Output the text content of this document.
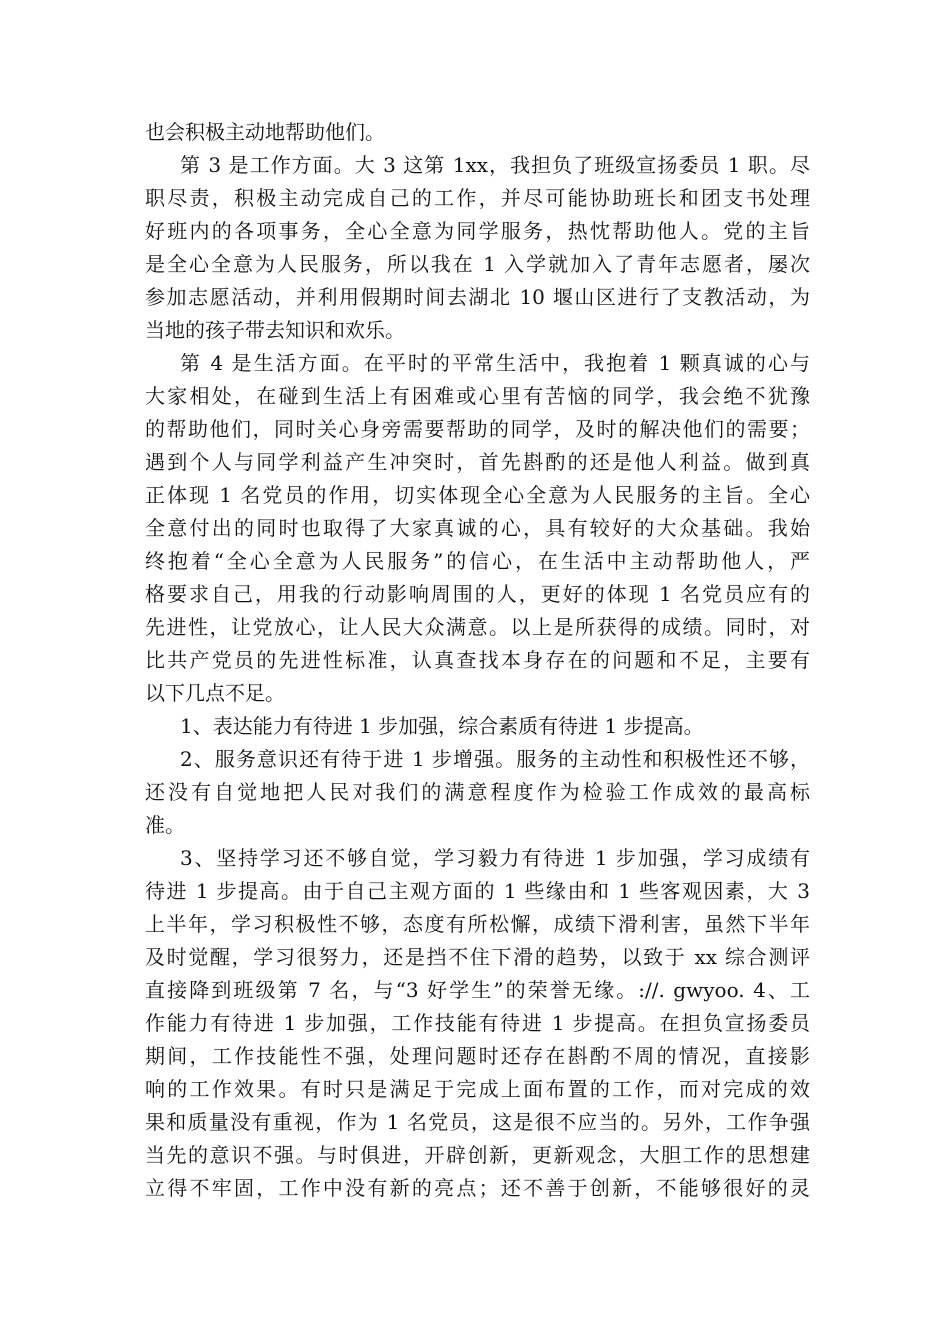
也会积极主动地帮助他们。
第 3 是工作方面。大 3 这第 1xx，我担负了班级宣扬委员 1 职。尽
职尽责，积极主动完成自己的工作，并尽可能协助班长和团支书处理
好班内的各项事务，全心全意为同学服务，热忱帮助他人。党的主旨
是全心全意为人民服务，所以我在 1 入学就加入了青年志愿者，屡次
参加志愿活动，并利用假期时间去湖北 10 堰山区进行了支教活动，为
当地的孩子带去知识和欢乐。
第 4 是生活方面。在平时的平常生活中，我抱着 1 颗真诚的心与
大家相处，在碰到生活上有困难或心里有苦恼的同学，我会绝不犹豫
的帮助他们，同时关心身旁需要帮助的同学，及时的解决他们的需要；
遇到个人与同学利益产生冲突时，首先斟酌的还是他人利益。做到真
正体现 1 名党员的作用，切实体现全心全意为人民服务的主旨。全心
全意付出的同时也取得了大家真诚的心，具有较好的大众基础。我始
终抱着“全心全意为人民服务”的信心，在生活中主动帮助他人，严
格要求自己，用我的行动影响周围的人，更好的体现 1 名党员应有的
先进性，让党放心，让人民大众满意。以上是所获得的成绩。同时，对
比共产党员的先进性标准，认真查找本身存在的问题和不足，主要有
以下几点不足。
1、表达能力有待进 1 步加强，综合素质有待进 1 步提高。
2、服务意识还有待于进 1 步增强。服务的主动性和积极性还不够，
还没有自觉地把人民对我们的满意程度作为检验工作成效的最高标
准。
3、坚持学习还不够自觉，学习毅力有待进 1 步加强，学习成绩有
待进 1 步提高。由于自己主观方面的 1 些缘由和 1 些客观因素，大 3
上半年，学习积极性不够，态度有所松懈，成绩下滑利害，虽然下半年
及时觉醒，学习很努力，还是挡不住下滑的趋势，以致于 xx 综合测评
直接降到班级第 7 名，与“3 好学生”的荣誉无缘。://. gwyoo. 4、工
作能力有待进 1 步加强，工作技能有待进 1 步提高。在担负宣扬委员
期间，工作技能性不强，处理问题时还存在斟酌不周的情况，直接影
响的工作效果。有时只是满足于完成上面布置的工作，而对完成的效
果和质量没有重视，作为 1 名党员，这是很不应当的。另外，工作争强
当先的意识不强。与时俱进，开辟创新，更新观念，大胆工作的思想建
立得不牢固，工作中没有新的亮点；还不善于创新，不能够很好的灵
